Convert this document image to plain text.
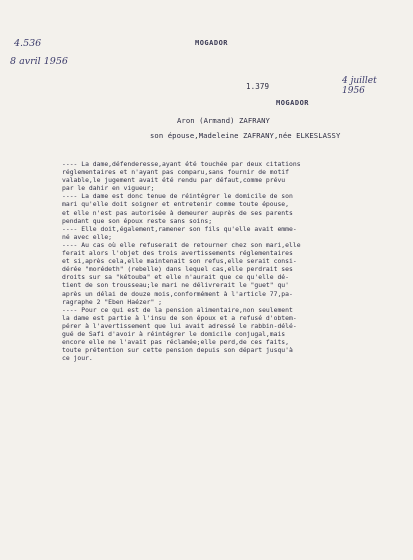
4.536
8 avril 1956
MOGADOR
1.379
4 juillet 1956
MOGADOR
Aron (Armand) ZAFRANY
son épouse,Madeleine ZAFRANY,née ELKESLASSY
---- La dame,défenderesse,ayant été touchée par deux citations
réglementaires et n'ayant pas comparu,sans fournir de motif
valable,le jugement avait été rendu par défaut,comme prévu
par le dahir en vigueur;
---- La dame est donc tenue de réintégrer le domicile de son
mari qu'elle doit soigner et entretenir comme toute épouse,
et elle n'est pas autorisée à demeurer auprès de ses parents
pendant que son époux reste sans soins;
---- Elle doit,également,ramener son fils qu'elle avait emme-
né avec elle;
---- Au cas où elle refuserait de retourner chez son mari,elle
ferait alors l'objet des trois avertissements réglementaires
et si,après cela,elle maintenait son refus,elle serait consi-
dérée "morédeth" (rebelle) dans lequel cas,elle perdrait ses
droits sur sa "kétouba" et elle n'aurait que ce qu'elle dé-
tient de son trousseau;le mari ne délivrerait le "guet" qu'
après un délai de douze mois,conformément à l'article 77,pa-
ragraphe 2 "Eben Haézer" ;
---- Pour ce qui est de la pension alimentaire,non seulement
la dame est partie à l'insu de son époux et a refusé d'obtem-
pérer à l'avertissement que lui avait adressé le rabbin-délé-
gué de Safi d'avoir à réintégrer le domicile conjugal,mais
encore elle ne l'avait pas réclamée;elle perd,de ces faits,
toute prétention sur cette pension depuis son départ jusqu'à
ce jour.
